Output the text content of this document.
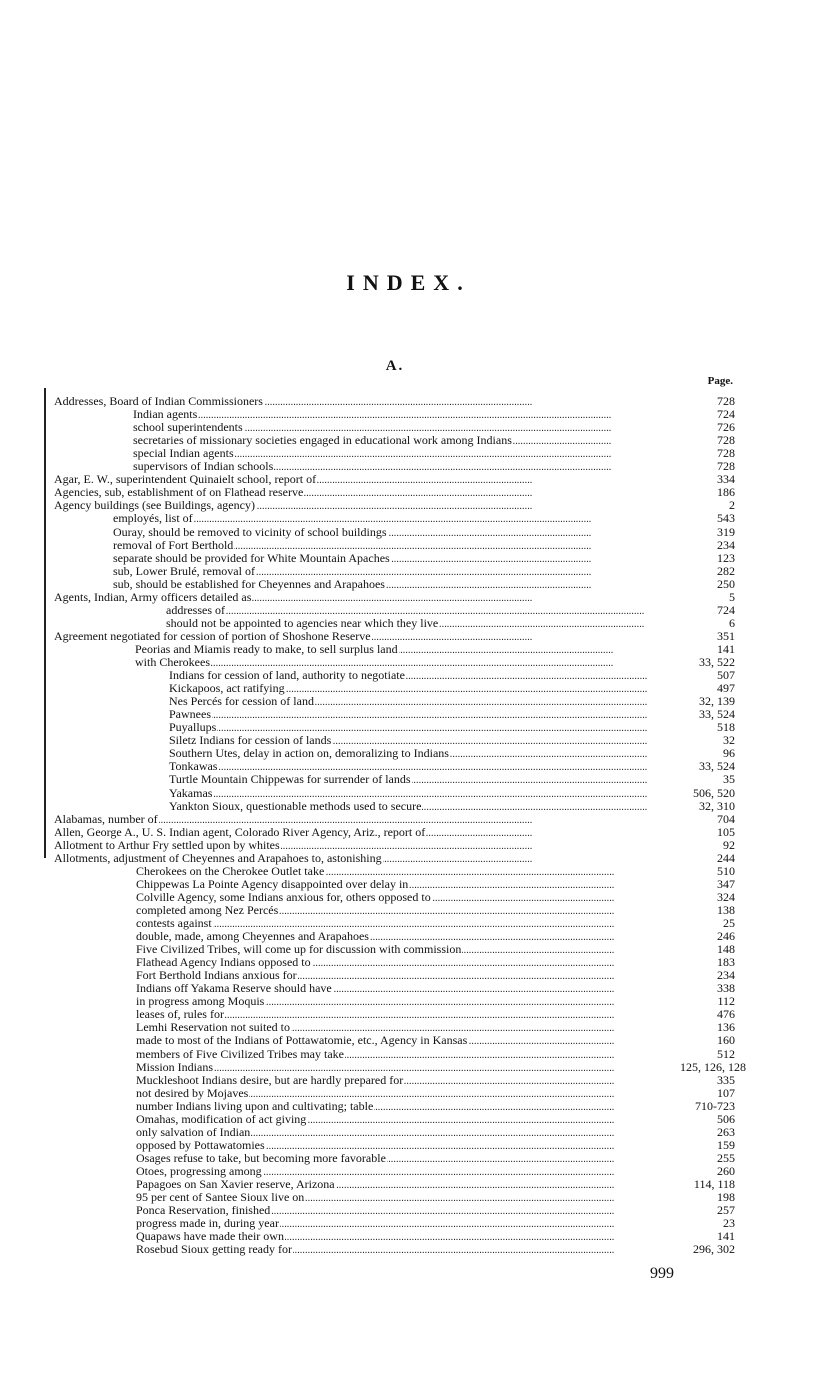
INDEX.
A.
Page.
. . .
Addresses, Board of Indian Commissioners	728
. . .
Indian agents	724
. . .
school superintendents	726
. . .
secretaries of missionary societies engaged in educational work among Indians	728
. . .
special Indian agents	728
. . .
supervisors of Indian schools	728
. . .
Agar, E. W., superintendent Quinaielt school, report of	334
. . .
Agencies, sub, establishment of on Flathead reserve	186
. . .
Agency buildings (see Buildings, agency)	2
. . .
employés, list of	543
. . .
Ouray, should be removed to vicinity of school buildings	319
. . .
removal of Fort Berthold	234
. . .
separate should be provided for White Mountain Apaches	123
. . .
sub, Lower Brulé, removal of	282
. . .
sub, should be established for Cheyennes and Arapahoes	250
. . .
Agents, Indian, Army officers detailed as	5
. . .
addresses of	724
. . .
should not be appointed to agencies near which they live	6
. . .
Agreement negotiated for cession of portion of Shoshone Reserve	351
. . .
Peorias and Miamis ready to make, to sell surplus land	141
. . .
with Cherokees	33, 522
. . .
Indians for cession of land, authority to negotiate	507
. . .
Kickapoos, act ratifying	497
. . .
Nes Percés for cession of land	32, 139
. . .
Pawnees	33, 524
. . .
Puyallups	518
. . .
Siletz Indians for cession of lands	32
. . .
Southern Utes, delay in action on, demoralizing to Indians	96
. . .
Tonkawas	33, 524
. . .
Turtle Mountain Chippewas for surrender of lands	35
. . .
Yakamas	506, 520
. . .
Yankton Sioux, questionable methods used to secure	32, 310
. . .
Alabamas, number of	704
. . .
Allen, George A., U. S. Indian agent, Colorado River Agency, Ariz., report of	105
. . .
Allotment to Arthur Fry settled upon by whites	92
. . .
Allotments, adjustment of Cheyennes and Arapahoes to, astonishing	244
. . .
Cherokees on the Cherokee Outlet take	510
. . .
Chippewas La Pointe Agency disappointed over delay in	347
. . .
Colville Agency, some Indians anxious for, others opposed to	324
. . .
completed among Nez Percés	138
. . .
contests against	25
. . .
double, made, among Cheyennes and Arapahoes	246
. . .
Five Civilized Tribes, will come up for discussion with commission	148
. . .
Flathead Agency Indians opposed to	183
. . .
Fort Berthold Indians anxious for	234
. . .
Indians off Yakama Reserve should have	338
. . .
in progress among Moquis	112
. . .
leases of, rules for	476
. . .
Lemhi Reservation not suited to	136
. . .
made to most of the Indians of Pottawatomie, etc., Agency in Kansas	160
. . .
members of Five Civilized Tribes may take	512
. . .
Mission Indians	125, 126, 128
. . .
Muckleshoot Indians desire, but are hardly prepared for	335
. . .
not desired by Mojaves	107
. . .
number Indians living upon and cultivating; table	710-723
. . .
Omahas, modification of act giving	506
. . .
only salvation of Indian	263
. . .
opposed by Pottawatomies	159
. . .
Osages refuse to take, but becoming more favorable	255
. . .
Otoes, progressing among	260
. . .
Papagoes on San Xavier reserve, Arizona	114, 118
. . .
95 per cent of Santee Sioux live on	198
. . .
Ponca Reservation, finished	257
. . .
progress made in, during year	23
. . .
Quapaws have made their own	141
. . .
Rosebud Sioux getting ready for	296, 302
999
